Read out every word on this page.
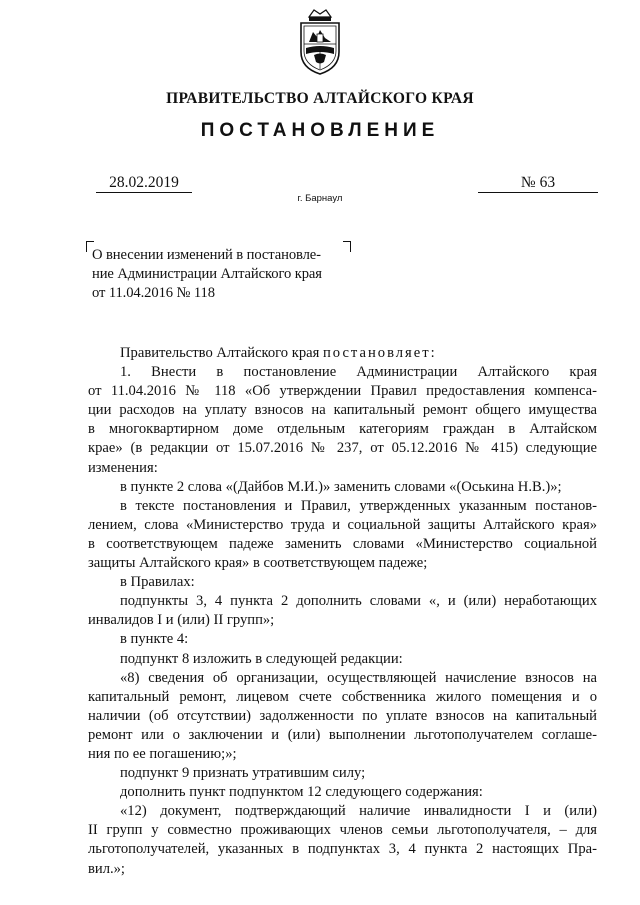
ПРАВИТЕЛЬСТВО АЛТАЙСКОГО КРАЯ
ПОСТАНОВЛЕНИЕ
28.02.2019	№ 63
г. Барнаул
О внесении изменений в постановле-
ние Администрации Алтайского края
от 11.04.2016 № 118
Правительство Алтайского края постановляет:
1. Внести в постановление Администрации Алтайского края
от 11.04.2016 № 118 «Об утверждении Правил предоставления компенса-
ции расходов на уплату взносов на капитальный ремонт общего имущества
в многоквартирном доме отдельным категориям граждан в Алтайском
крае» (в редакции от 15.07.2016 № 237, от 05.12.2016 № 415) следующие
изменения:
в пункте 2 слова «(Дайбов М.И.)» заменить словами «(Оськина Н.В.)»;
в тексте постановления и Правил, утвержденных указанным постанов-
лением, слова «Министерство труда и социальной защиты Алтайского края»
в соответствующем падеже заменить словами «Министерство социальной
защиты Алтайского края» в соответствующем падеже;
в Правилах:
подпункты 3, 4 пункта 2 дополнить словами «, и (или) неработающих
инвалидов I и (или) II групп»;
в пункте 4:
подпункт 8 изложить в следующей редакции:
«8) сведения об организации, осуществляющей начисление взносов на
капитальный ремонт, лицевом счете собственника жилого помещения и о
наличии (об отсутствии) задолженности по уплате взносов на капитальный
ремонт или о заключении и (или) выполнении льготополучателем соглаше-
ния по ее погашению;»;
подпункт 9 признать утратившим силу;
дополнить пункт подпунктом 12 следующего содержания:
«12) документ, подтверждающий наличие инвалидности I и (или)
II групп у совместно проживающих членов семьи льготополучателя, – для
льготополучателей, указанных в подпунктах 3, 4 пункта 2 настоящих Пра-
вил.»;
